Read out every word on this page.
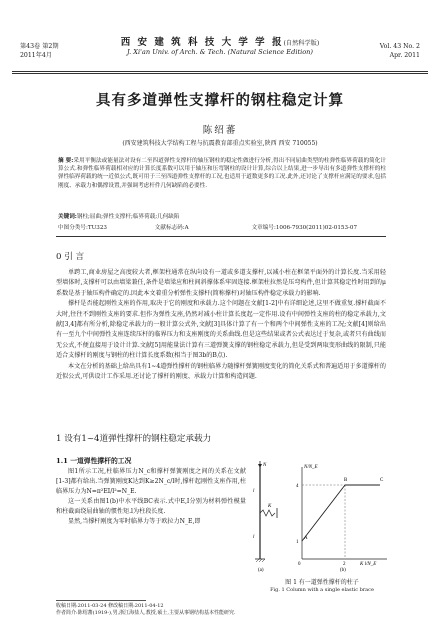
第43卷 第2期
2011年4月
西 安 建 筑 科 技 大 学 学 报(自然科学版)
J. Xi'an Univ. of Arch. & Tech. (Natural Science Edition)
Vol. 43 No. 2
Apr. 2011
具有多道弹性支撑杆的钢柱稳定计算
陈绍蕃
(西安建筑科技大学结构工程与抗震教育部重点实验室,陕西 西安 710055)
摘 要:采用平衡法或能量法对设有二至四道弹性支撑杆的轴压钢柱的稳定性做进行分析,得出不同屈曲类型的柱弹性临界荷载的简化计算公式.和弹性临界荷载相对应的计算长度系数可以用于轴压和压弯钢柱的设计计算,综合以上结果,进一步导出有多道弹性支撑杆的柱弹性临界荷载的统一近似公式,既可用于三至四道弹性支撑杆的工况,也适用于道数更多的工况.此外,还讨论了支撑杆应满足的要求,包括刚度、承载力和偶撑设置,并强调考虑杆件几何缺陷的必要性.
关键词:钢柱;屈曲;弹性支撑杆;临界荷载;几何缺陷
中图分类号:TU323	文献标志码:A	文章编号:1006-7930(2011)02-0153-07
0 引 言

单跨工,商业房屋之高度较大者,框架柱通常在纵向设有一道或多道支撑杆,以减小柱在框架平面外的计算长度.当采用轻型墙体时,支撑杆可以由墙梁兼任,条件是墙梁应和柱间斜撑体系牢固连接.框架柱拉然是压弯构件,但计算其稳定性时用到的μ系数是基于轴压构件确定的.因此本文着重分析弹性支撑杆(简称撑杆)对轴压构件稳定承载力的影响.

撑杆是否能起刚性支座的作用,取决于它的刚度和承载力.这个问题在文献[1-2]中有详细论述,这里不做重复.撑杆截面不大时,往往不到刚性支座的要求.但作为弹性支座,仍然对减小柱计算长度起一定作用.设有中间弹性支座的柱的稳定承载力,文献[3,4]都有所分析,除稳定承载力的一般计算公式外,文献[3]具体计算了有一个和两个中间弹性支座的工况;文献[4]则给出有一至九个中间弹性支座连续压杆的临界压力和支座刚度的关系曲线.但是这些结果或者公式表达过于复杂,或者只有曲线而无公式,不便直接用于设计计算.文献[5]用能量法计算有三道弹簧支撑的钢柱稳定承载力,但是受到两取变形曲线的限制,只能适合支撑杆的刚度与钢柱的柱计算长度系数(相当于图3b的B点).

本文在分析的基础上给出具有1~4道弹性撑杆的钢柱临界力随撑杆弹簧刚度变化的简化关系式和普遍适用于多道撑杆的近似公式,可供设计工作采用.还讨论了撑杆的刚度、承载力计算和构造问题.

1 设有1~4道弹性撑杆的钢柱稳定承载力
1.1 一道弹性撑杆的工况

图1所示工况,柱临界压力N_c和撑杆弹簧刚度之间的关系在文献[1-3]都有给出.当弹簧刚度K达到K≥2N_c/l时,撑杆起刚性支座作用,柱临界压力为N=π²EI/l²=N_E.

这一关系由图1(b)中水平线BC表示.式中E,I分别为材料弹性模量和柱截面绕屈曲轴的惯性矩.l为柱段长度.

显然,当撑杆刚度为零时临界力等于欧拉力N_E,即

N
K
l
l
(a)
A
B	C
4
1
0	2
N/N_E
K l/N_E
(b)
图 1 有一道弹性撑杆的柱子
Fig. 1 Column with a single elastic brace
收稿日期:2011-03-24 修改稿日期:2011-04-12
作者简介:陈绍蕃(1919-),男,浙江海盐人,教授,硕士,主要从事钢结构基本性能研究.
